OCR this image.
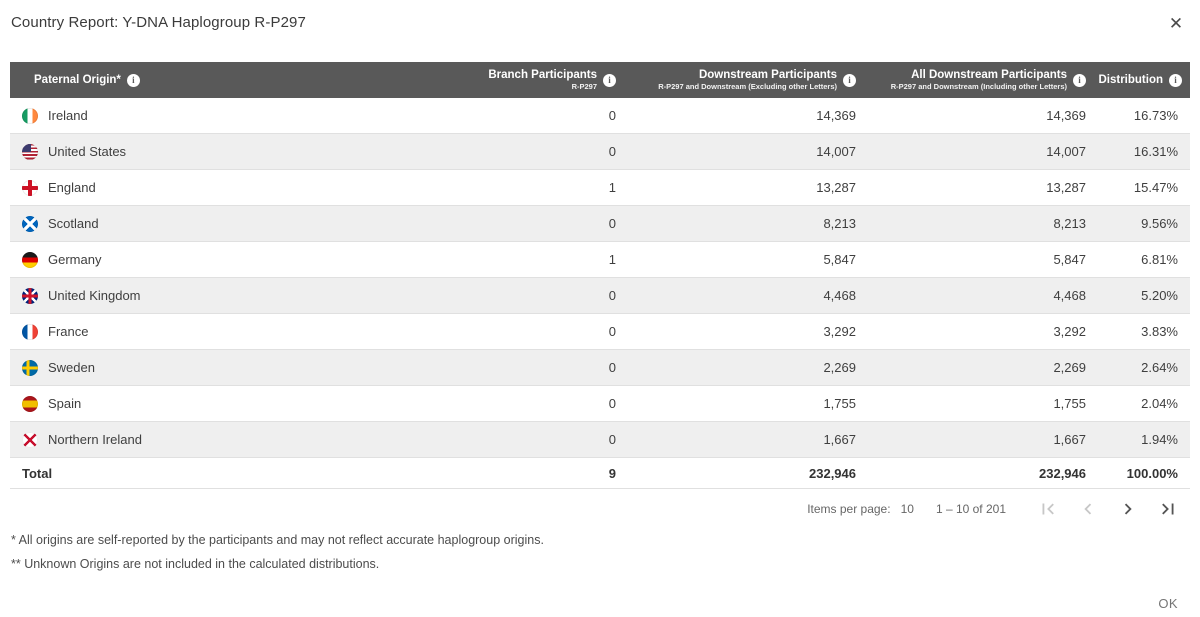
Country Report: Y-DNA Haplogroup R-P297	✕
Paternal Origin*	i	Branch Participants
R-P297
i	Downstream Participants
R-P297 and Downstream (Excluding other Letters)
i	All Downstream Participants
R-P297 and Downstream (Including other Letters)
i	Distribution	i
Ireland	0	14,369	14,369	16.73%
United States	0	14,007	14,007	16.31%
England	1	13,287	13,287	15.47%
Scotland	0	8,213	8,213	9.56%
Germany	1	5,847	5,847	6.81%
United Kingdom	0	4,468	4,468	5.20%
France	0	3,292	3,292	3.83%
Sweden	0	2,269	2,269	2.64%
Spain	0	1,755	1,755	2.04%
Northern Ireland	0	1,667	1,667	1.94%
Total	9	232,946	232,946	100.00%
Items per page: 10 1 – 10 of 201

* All origins are self-reported by the participants and may not reflect accurate haplogroup origins.

** Unknown Origins are not included in the calculated distributions.

OK
